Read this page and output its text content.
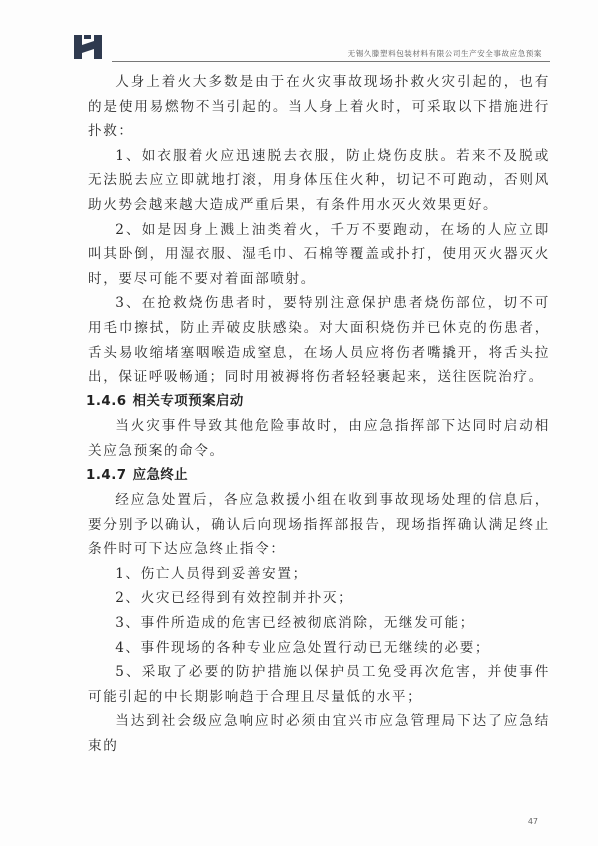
无锡久滕塑料包装材料有限公司生产安全事故应急预案

人身上着火大多数是由于在火灾事故现场扑救火灾引起的，也有的是使用易燃物不当引起的。当人身上着火时，可采取以下措施进行扑救：

1、如衣服着火应迅速脱去衣服，防止烧伤皮肤。若来不及脱或无法脱去应立即就地打滚，用身体压住火种，切记不可跑动，否则风助火势会越来越大造成严重后果，有条件用水灭火效果更好。

2、如是因身上溅上油类着火，千万不要跑动，在场的人应立即叫其卧倒，用湿衣服、湿毛巾、石棉等覆盖或扑打，使用灭火器灭火时，要尽可能不要对着面部喷射。

3、在抢救烧伤患者时，要特别注意保护患者烧伤部位，切不可用毛巾擦拭，防止弄破皮肤感染。对大面积烧伤并已休克的伤患者，舌头易收缩堵塞咽喉造成窒息，在场人员应将伤者嘴撬开，将舌头拉出，保证呼吸畅通；同时用被褥将伤者轻轻裹起来，送往医院治疗。

1.4.6 相关专项预案启动

当火灾事件导致其他危险事故时，由应急指挥部下达同时启动相关应急预案的命令。

1.4.7 应急终止

经应急处置后，各应急救援小组在收到事故现场处理的信息后，要分别予以确认，确认后向现场指挥部报告，现场指挥确认满足终止条件时可下达应急终止指令：

1、伤亡人员得到妥善安置；

2、火灾已经得到有效控制并扑灭；

3、事件所造成的危害已经被彻底消除，无继发可能；

4、事件现场的各种专业应急处置行动已无继续的必要；

5、采取了必要的防护措施以保护员工免受再次危害，并使事件可能引起的中长期影响趋于合理且尽量低的水平；

当达到社会级应急响应时必须由宜兴市应急管理局下达了应急结束的

47
